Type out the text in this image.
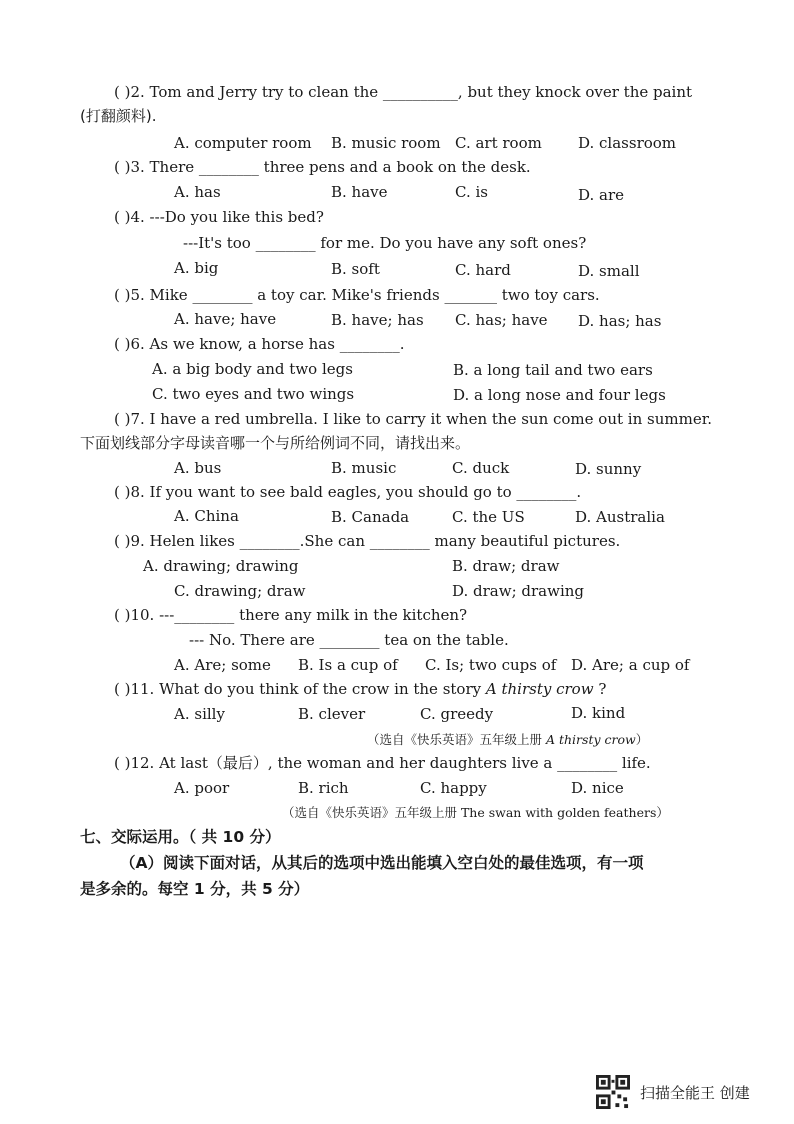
( )2. Tom and Jerry try to clean the __________, but they knock over the paint
(打翻颜料).
A. computer room B. music room C. art room D. classroom
( )3. There ________ three pens and a book on the desk.
A. has	B. have	C. is	D. are
( )4. ---Do you like this bed?
---It's too ________ for me. Do you have any soft ones?
A. big	B. soft	C. hard	D. small
( )5. Mike ________ a toy car. Mike's friends _______ two toy cars.
A. have; have	B. have; has C. has; have D. has; has
( )6. As we know, a horse has ________.
A. a big body and two legs	B. a long tail and two ears
C. two eyes and two wings	D. a long nose and four legs
( )7. I have a red umbrella. I like to carry it when the sun come out in summer.
下面划线部分字母读音哪一个与所给例词不同，请找出来。
A. bus	B. music	C. duck	D. sunny
( )8. If you want to see bald eagles, you should go to ________.
A. China	B. Canada	C. the US	D. Australia
( )9. Helen likes ________.She can ________ many beautiful pictures.
A. drawing; drawing	B. draw; draw
C. drawing; draw	D. draw; drawing
( )10. ---________ there any milk in the kitchen?
--- No. There are ________ tea on the table.
A. Are; some B. Is a cup of C. Is; two cups of D. Are; a cup of
( )11. What do you think of the crow in the story A thirsty crow ?
A. silly	B. clever	C. greedy	D. kind
（选自《快乐英语》五年级上册 A thirsty crow）
( )12. At last（最后）, the woman and her daughters live a ________ life.
A. poor	B. rich	C. happy	D. nice
（选自《快乐英语》五年级上册 The swan with golden feathers）
七、交际运用。（ 共 10 分）
（A）阅读下面对话，从其后的选项中选出能填入空白处的最佳选项，有一项
是多余的。每空 1 分，共 5 分）
扫描全能王 创建
